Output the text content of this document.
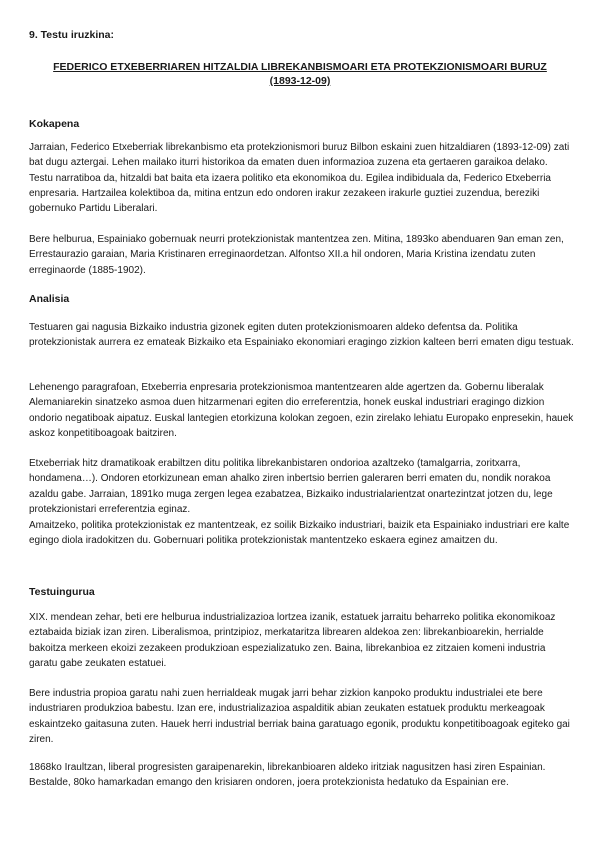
9. Testu iruzkina:
FEDERICO ETXEBERRIAREN HITZALDIA LIBREKANBISMOARI ETA PROTEKZIONISMOARI BURUZ
(1893-12-09)
Kokapena

Jarraian, Federico Etxeberriak librekanbismo eta protekzionismori buruz Bilbon eskaini zuen hitzaldiaren (1893-12-09) zati bat dugu aztergai. Lehen mailako iturri historikoa da ematen duen informazioa zuzena eta gertaeren garaikoa delako. Testu narratiboa da, hitzaldi bat baita eta izaera politiko eta ekonomikoa du. Egilea indibiduala da, Federico Etxeberria enpresaria. Hartzailea kolektiboa da, mitina entzun edo ondoren irakur zezakeen irakurle guztiei zuzendua, bereziki gobernuko Partidu Liberalari.

Bere helburua, Espainiako gobernuak neurri protekzionistak mantentzea zen. Mitina, 1893ko abenduaren 9an eman zen, Errestaurazio garaian, Maria Kristinaren erreginaordetzan. Alfontso XII.a hil ondoren, Maria Kristina izendatu zuten erreginaorde (1885-1902).

Analisia

Testuaren gai nagusia Bizkaiko industria gizonek egiten duten protekzionismoaren aldeko defentsa da. Politika protekzionistak aurrera ez emateak Bizkaiko eta Espainiako ekonomiari eragingo zizkion kalteen berri ematen digu testuak.

Lehenengo paragrafoan, Etxeberria enpresaria protekzionismoa mantentzearen alde agertzen da. Gobernu liberalak Alemaniarekin sinatzeko asmoa duen hitzarmenari egiten dio erreferentzia, honek euskal industriari eragingo dizkion ondorio negatiboak aipatuz. Euskal lantegien etorkizuna kolokan zegoen, ezin zirelako lehiatu Europako enpresekin, hauek askoz konpetitiboagoak baitziren.

Etxeberriak hitz dramatikoak erabiltzen ditu politika librekanbistaren ondorioa azaltzeko (tamalgarria, zoritxarra, hondamena…). Ondoren etorkizunean eman ahalko ziren inbertsio berrien galeraren berri ematen du, nondik norakoa azaldu gabe. Jarraian, 1891ko muga zergen legea ezabatzea, Bizkaiko industrialarientzat onartezintzat jotzen du, lege protekzionistari erreferentzia eginaz.

Amaitzeko, politika protekzionistak ez mantentzeak, ez soilik Bizkaiko industriari, baizik eta Espainiako industriari ere kalte egingo diola iradokitzen du. Gobernuari politika protekzionistak mantentzeko eskaera eginez amaitzen du.

Testuingurua

XIX. mendean zehar, beti ere helburua industrializazioa lortzea izanik, estatuek jarraitu beharreko politika ekonomikoaz eztabaida biziak izan ziren. Liberalismoa, printzipioz, merkataritza librearen aldekoa zen: librekanbioarekin, herrialde bakoitza merkeen ekoizi zezakeen produkzioan espezializatuko zen. Baina, librekanbioa ez zitzaien komeni industria garatu gabe zeukaten estatuei.

Bere industria propioa garatu nahi zuen herrialdeak mugak jarri behar zizkion kanpoko produktu industrialei ete bere industriaren produkzioa babestu. Izan ere, industrializazioa aspalditik abian zeukaten estatuek produktu merkeagoak eskaintzeko gaitasuna zuten. Hauek herri industrial berriak baina garatuago egonik, produktu konpetitiboagoak egiteko gai ziren.

1868ko Iraultzan, liberal progresisten garaipenarekin, librekanbioaren aldeko iritziak nagusitzen hasi ziren Espainian. Bestalde, 80ko hamarkadan emango den krisiaren ondoren, joera protekzionista hedatuko da Espainian ere.
